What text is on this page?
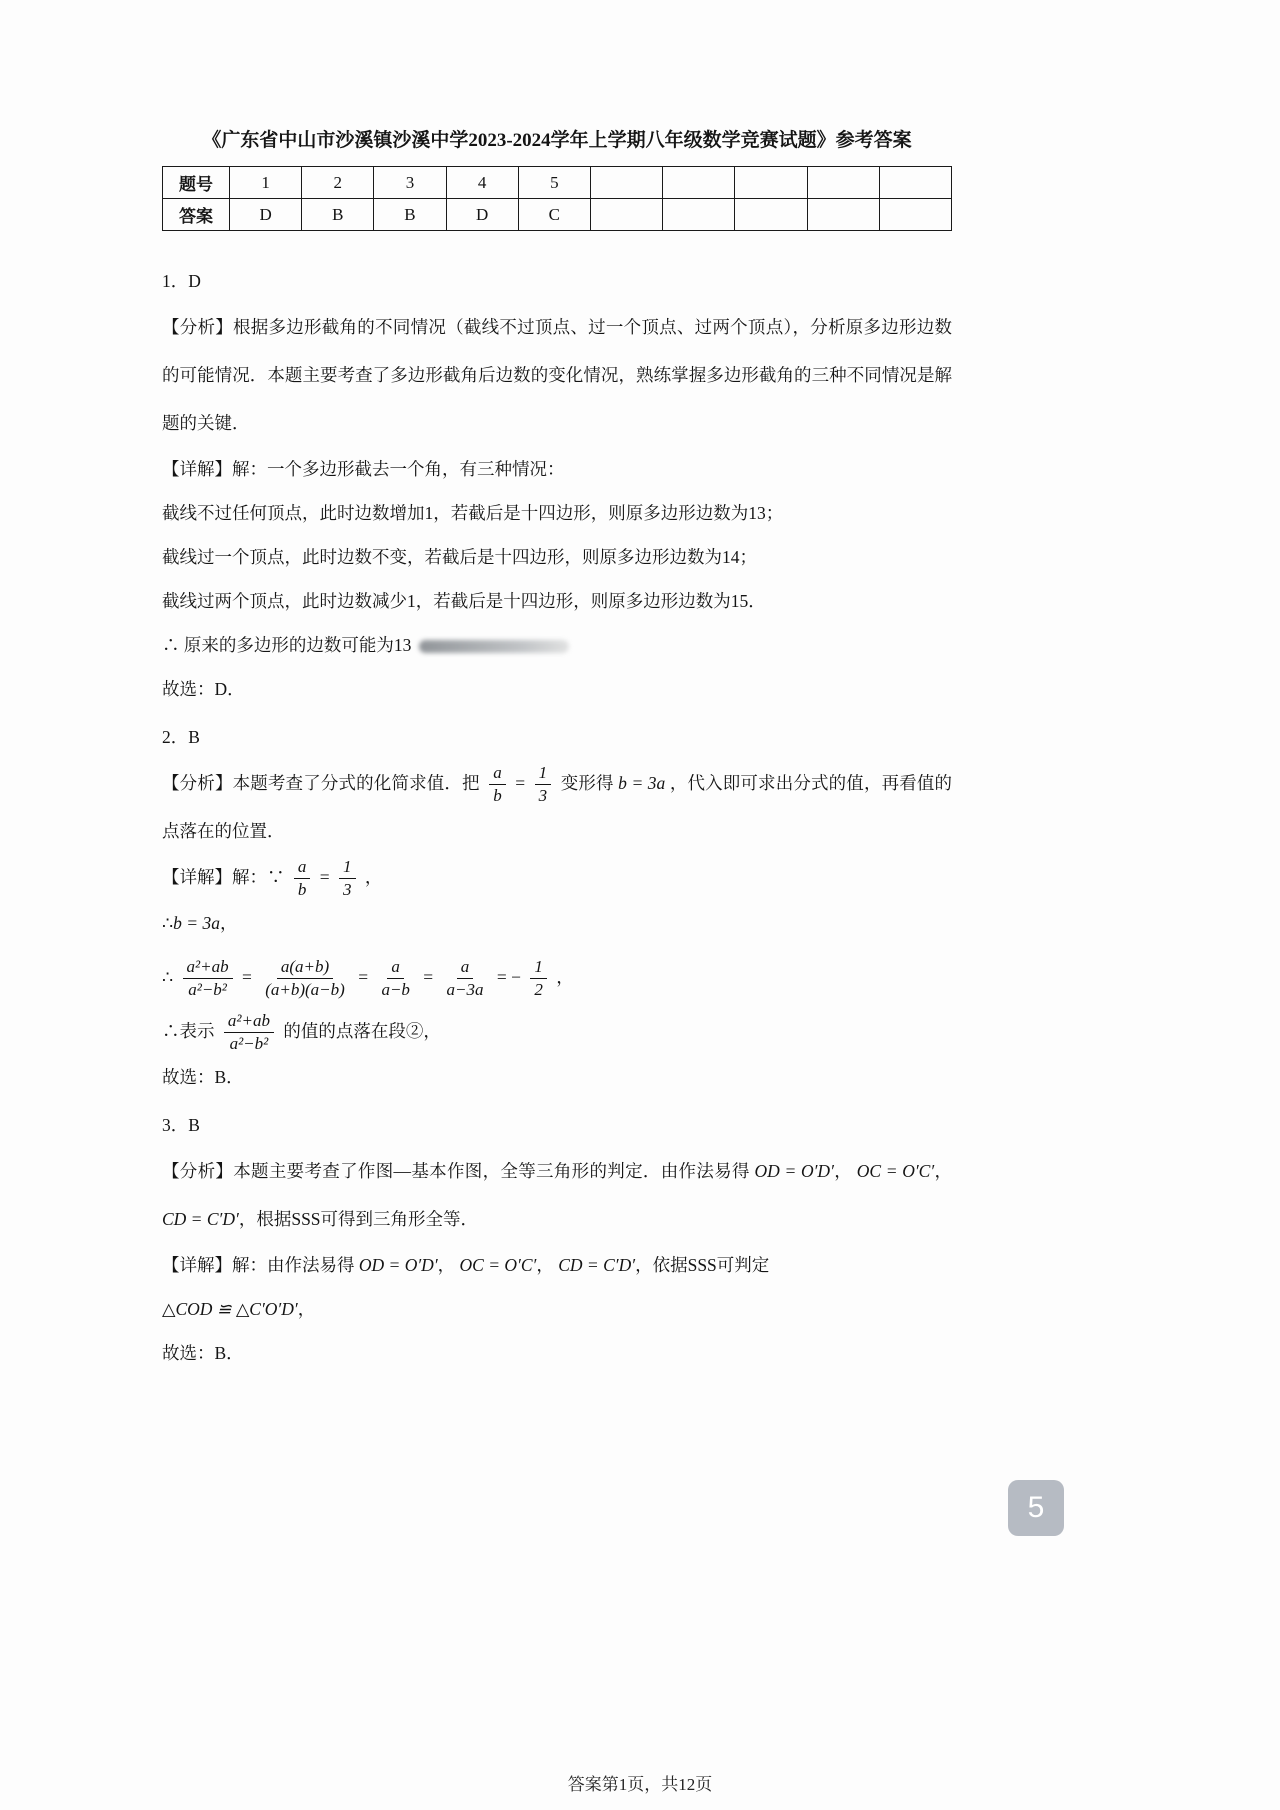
《广东省中山市沙溪镇沙溪中学2023-2024学年上学期八年级数学竞赛试题》参考答案
题号	1	2	3	4	5					
答案	D	B	B	D	C					
1．D
【分析】根据多边形截角的不同情况（截线不过顶点、过一个顶点、过两个顶点），分析原多边形边数的可能情况．本题主要考查了多边形截角后边数的变化情况，熟练掌握多边形截角的三种不同情况是解题的关键．
【详解】解：一个多边形截去一个角，有三种情况：
截线不过任何顶点，此时边数增加1，若截后是十四边形，则原多边形边数为13；
截线过一个顶点，此时边数不变，若截后是十四边形，则原多边形边数为14；
截线过两个顶点，此时边数减少1，若截后是十四边形，则原多边形边数为15．
∴ 原来的多边形的边数可能为13
故选：D．
2．B
【分析】本题考查了分式的化简求值．把 $\frac{a}{b} = \frac{1}{3}$ 变形得 b = 3a ，代入即可求出分式的值，再看值的点落在的位置．
【详解】解：∵ $\frac{a}{b} = \frac{1}{3}$ ，
∴b = 3a，
∴ $\frac{\text{a²+ab}}{\text{a²−b²}} = \frac{a(a+b)}{(a+b)(a-b)} = \frac{a}{a-b} = \frac{a}{a-3a}$ = − $\frac{1}{2}$ ，
∴表示 $\frac{\text{a²+ab}}{\text{a²−b²}}$ 的值的点落在段②，
故选：B．
3．B
【分析】本题主要考查了作图—基本作图，全等三角形的判定．由作法易得 OD = O′D′， OC = O′C′， CD = C′D′，根据SSS可得到三角形全等．
【详解】解：由作法易得 OD = O′D′， OC = O′C′， CD = C′D′，依据SSS可判定
△COD ≌ △C′O′D′，
故选：B．
5
答案第1页，共12页
